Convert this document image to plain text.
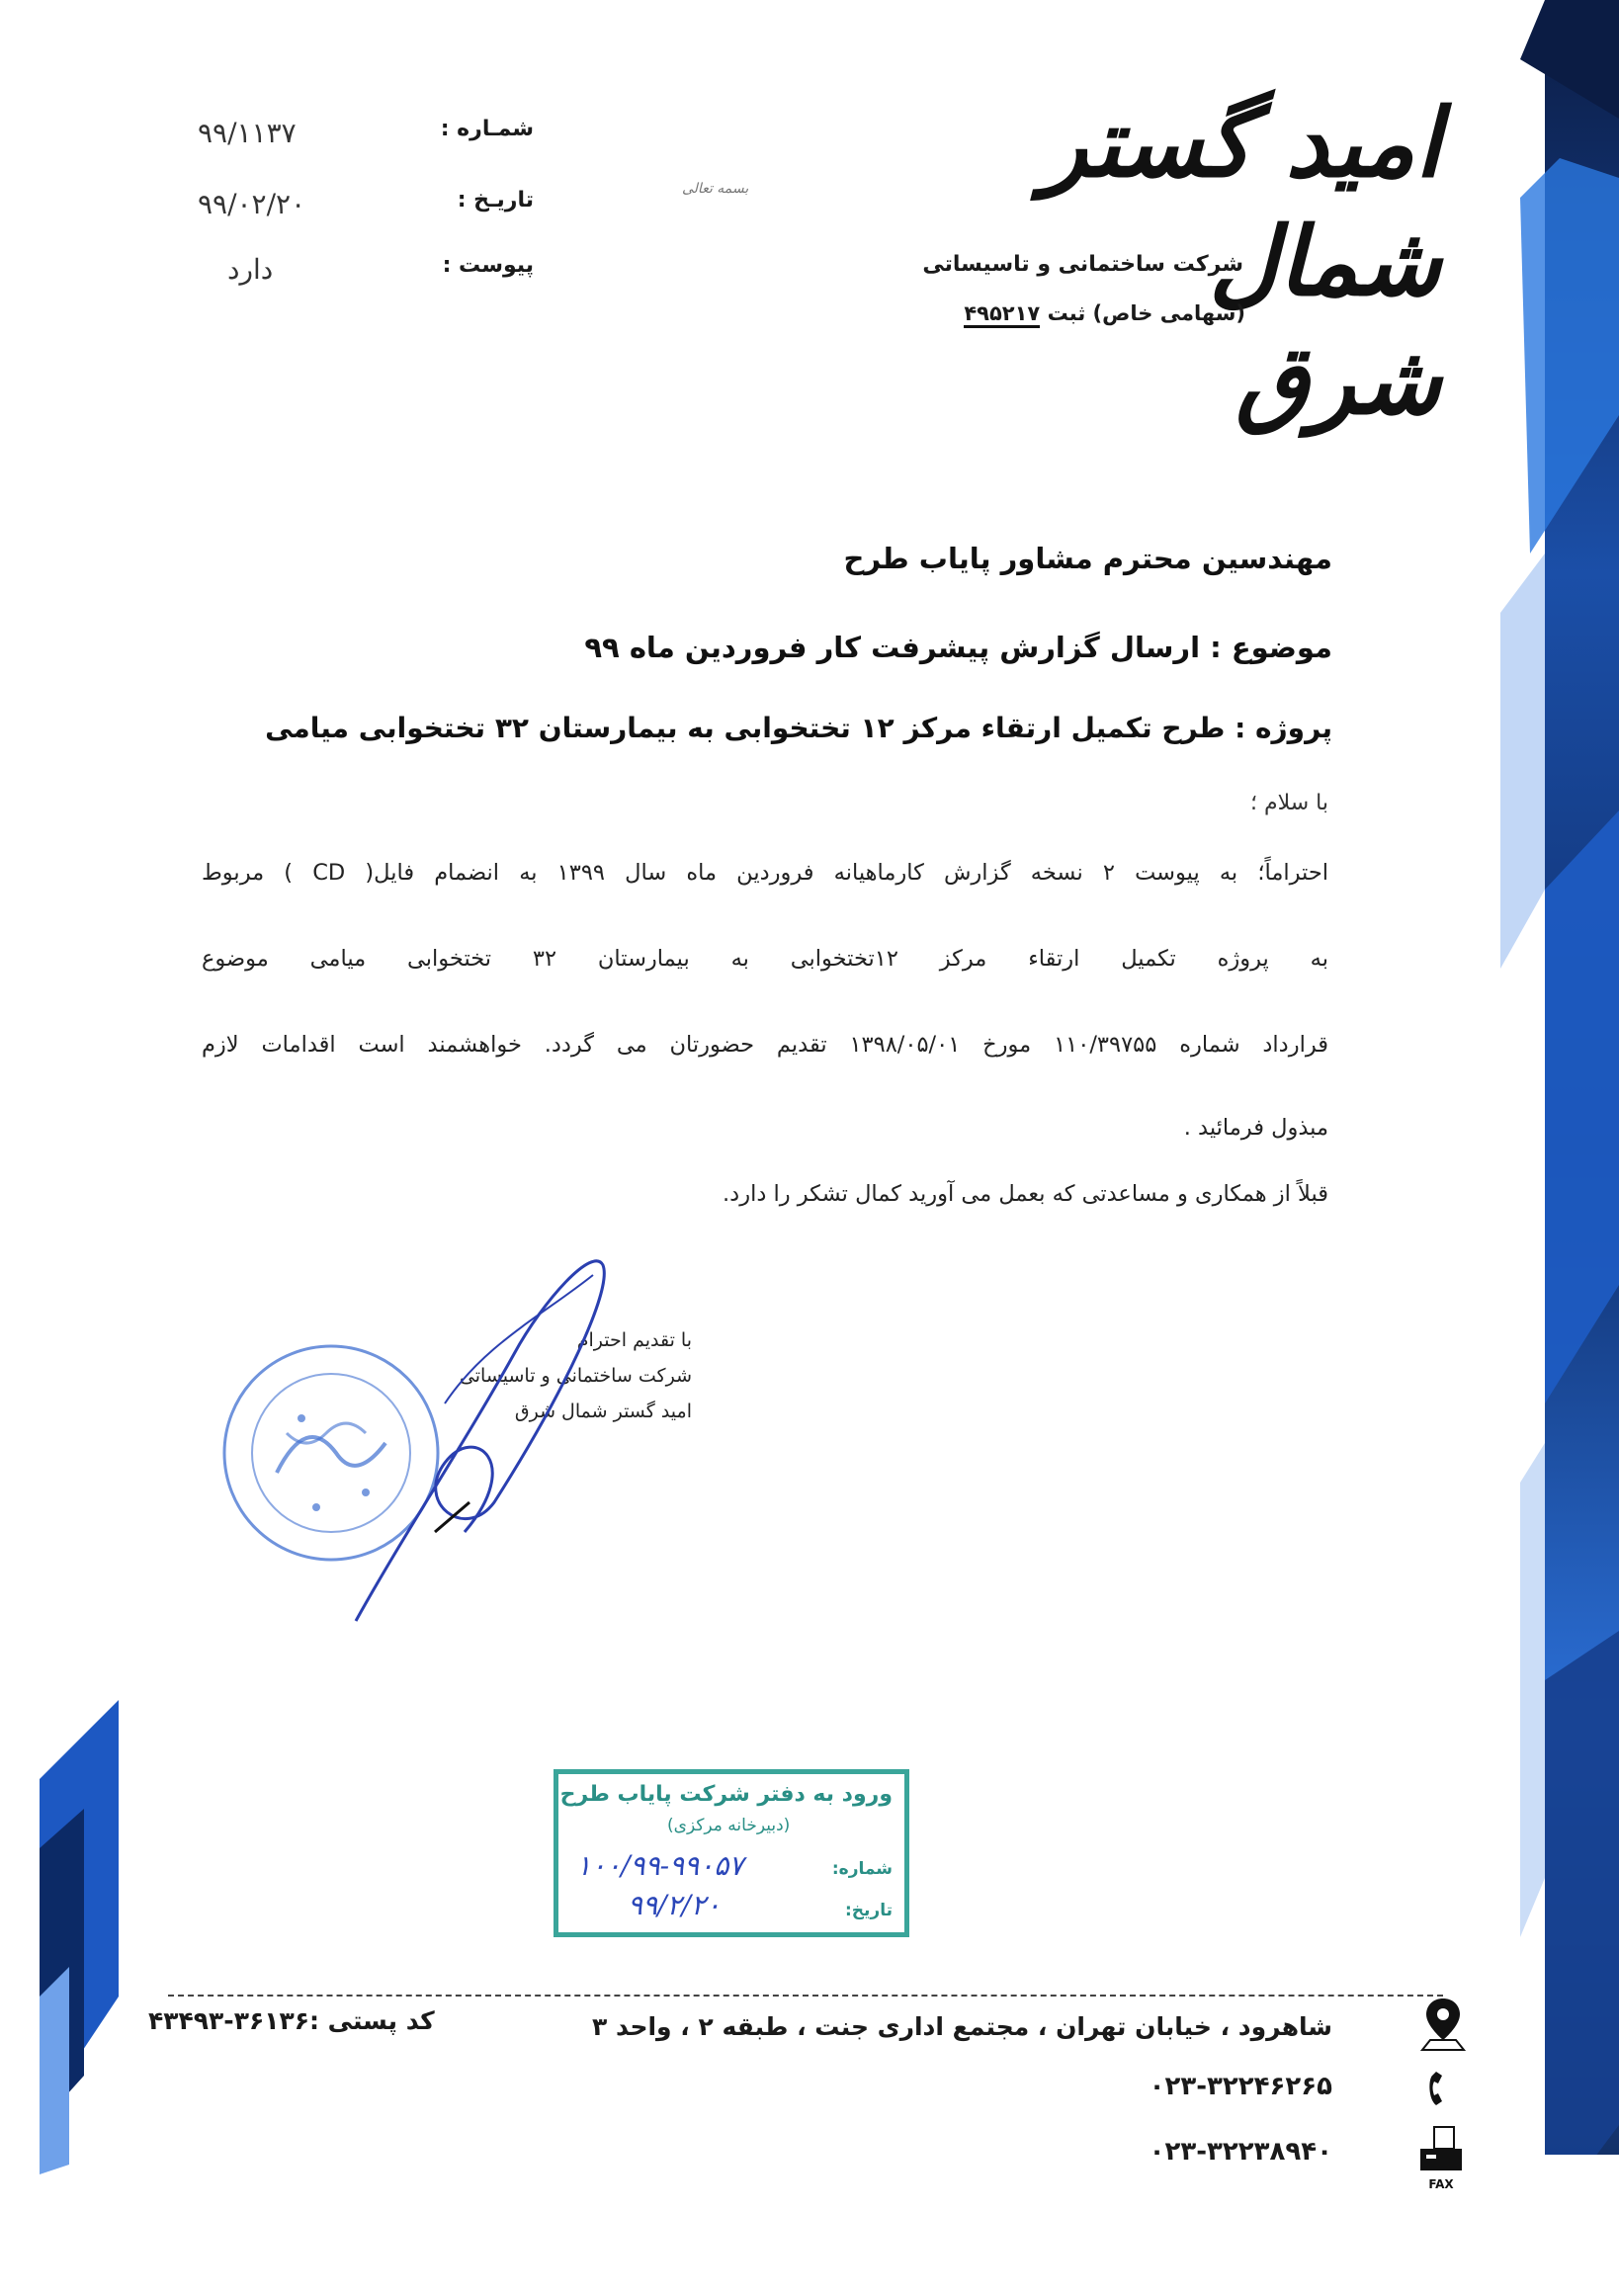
امید گستر شمال شرق
شرکت ساختمانی و تاسیساتی
(سهامی خاص) ثبت ۴۹۵۲۱۷
بسمه تعالی
شمـاره :
۹۹/۱۱۳۷
تاریـخ :
۹۹/۰۲/۲۰
پیوست :
دارد
مهندسین محترم مشاور پایاب طرح
موضوع : ارسال گزارش پیشرفت کار فروردین ماه ۹۹
پروژه : طرح تکمیل ارتقاء مرکز ۱۲ تختخوابی به بیمارستان ۳۲ تختخوابی میامی
با سلام ؛
احتراماً؛ به پیوست ۲ نسخه گزارش کارماهیانه فروردین ماه سال ۱۳۹۹ به انضمام فایل( CD ) مربوط
به پروژه تکمیل ارتقاء مرکز ۱۲تختخوابی به بیمارستان ۳۲ تختخوابی میامی موضوع
قرارداد شماره ۱۱۰/۳۹۷۵۵ مورخ ۱۳۹۸/۰۵/۰۱ تقدیم حضورتان می گردد. خواهشمند است اقدامات لازم
مبذول فرمائید .
قبلاً از همکاری و مساعدتی که بعمل می آورید کمال تشکر را دارد.
با تقدیم احترام
شرکت ساختمانی و تاسیساتی
امید گستر شمال شرق
ورود به دفتر شرکت پایاب طرح
(دبیرخانه مرکزی)
شماره:
۱۰۰/۹۹-۹۹۰۵۷
تاریخ:
۹۹/۲/۲۰
کد پستی :۳۶۱۳۶-۴۳۴۹۳	شاهرود ، خیابان تهران ، مجتمع اداری جنت ، طبقه ۲ ، واحد ۳
۰۲۳-۳۲۲۴۶۲۶۵
۰۲۳-۳۲۲۳۸۹۴۰
FAX
